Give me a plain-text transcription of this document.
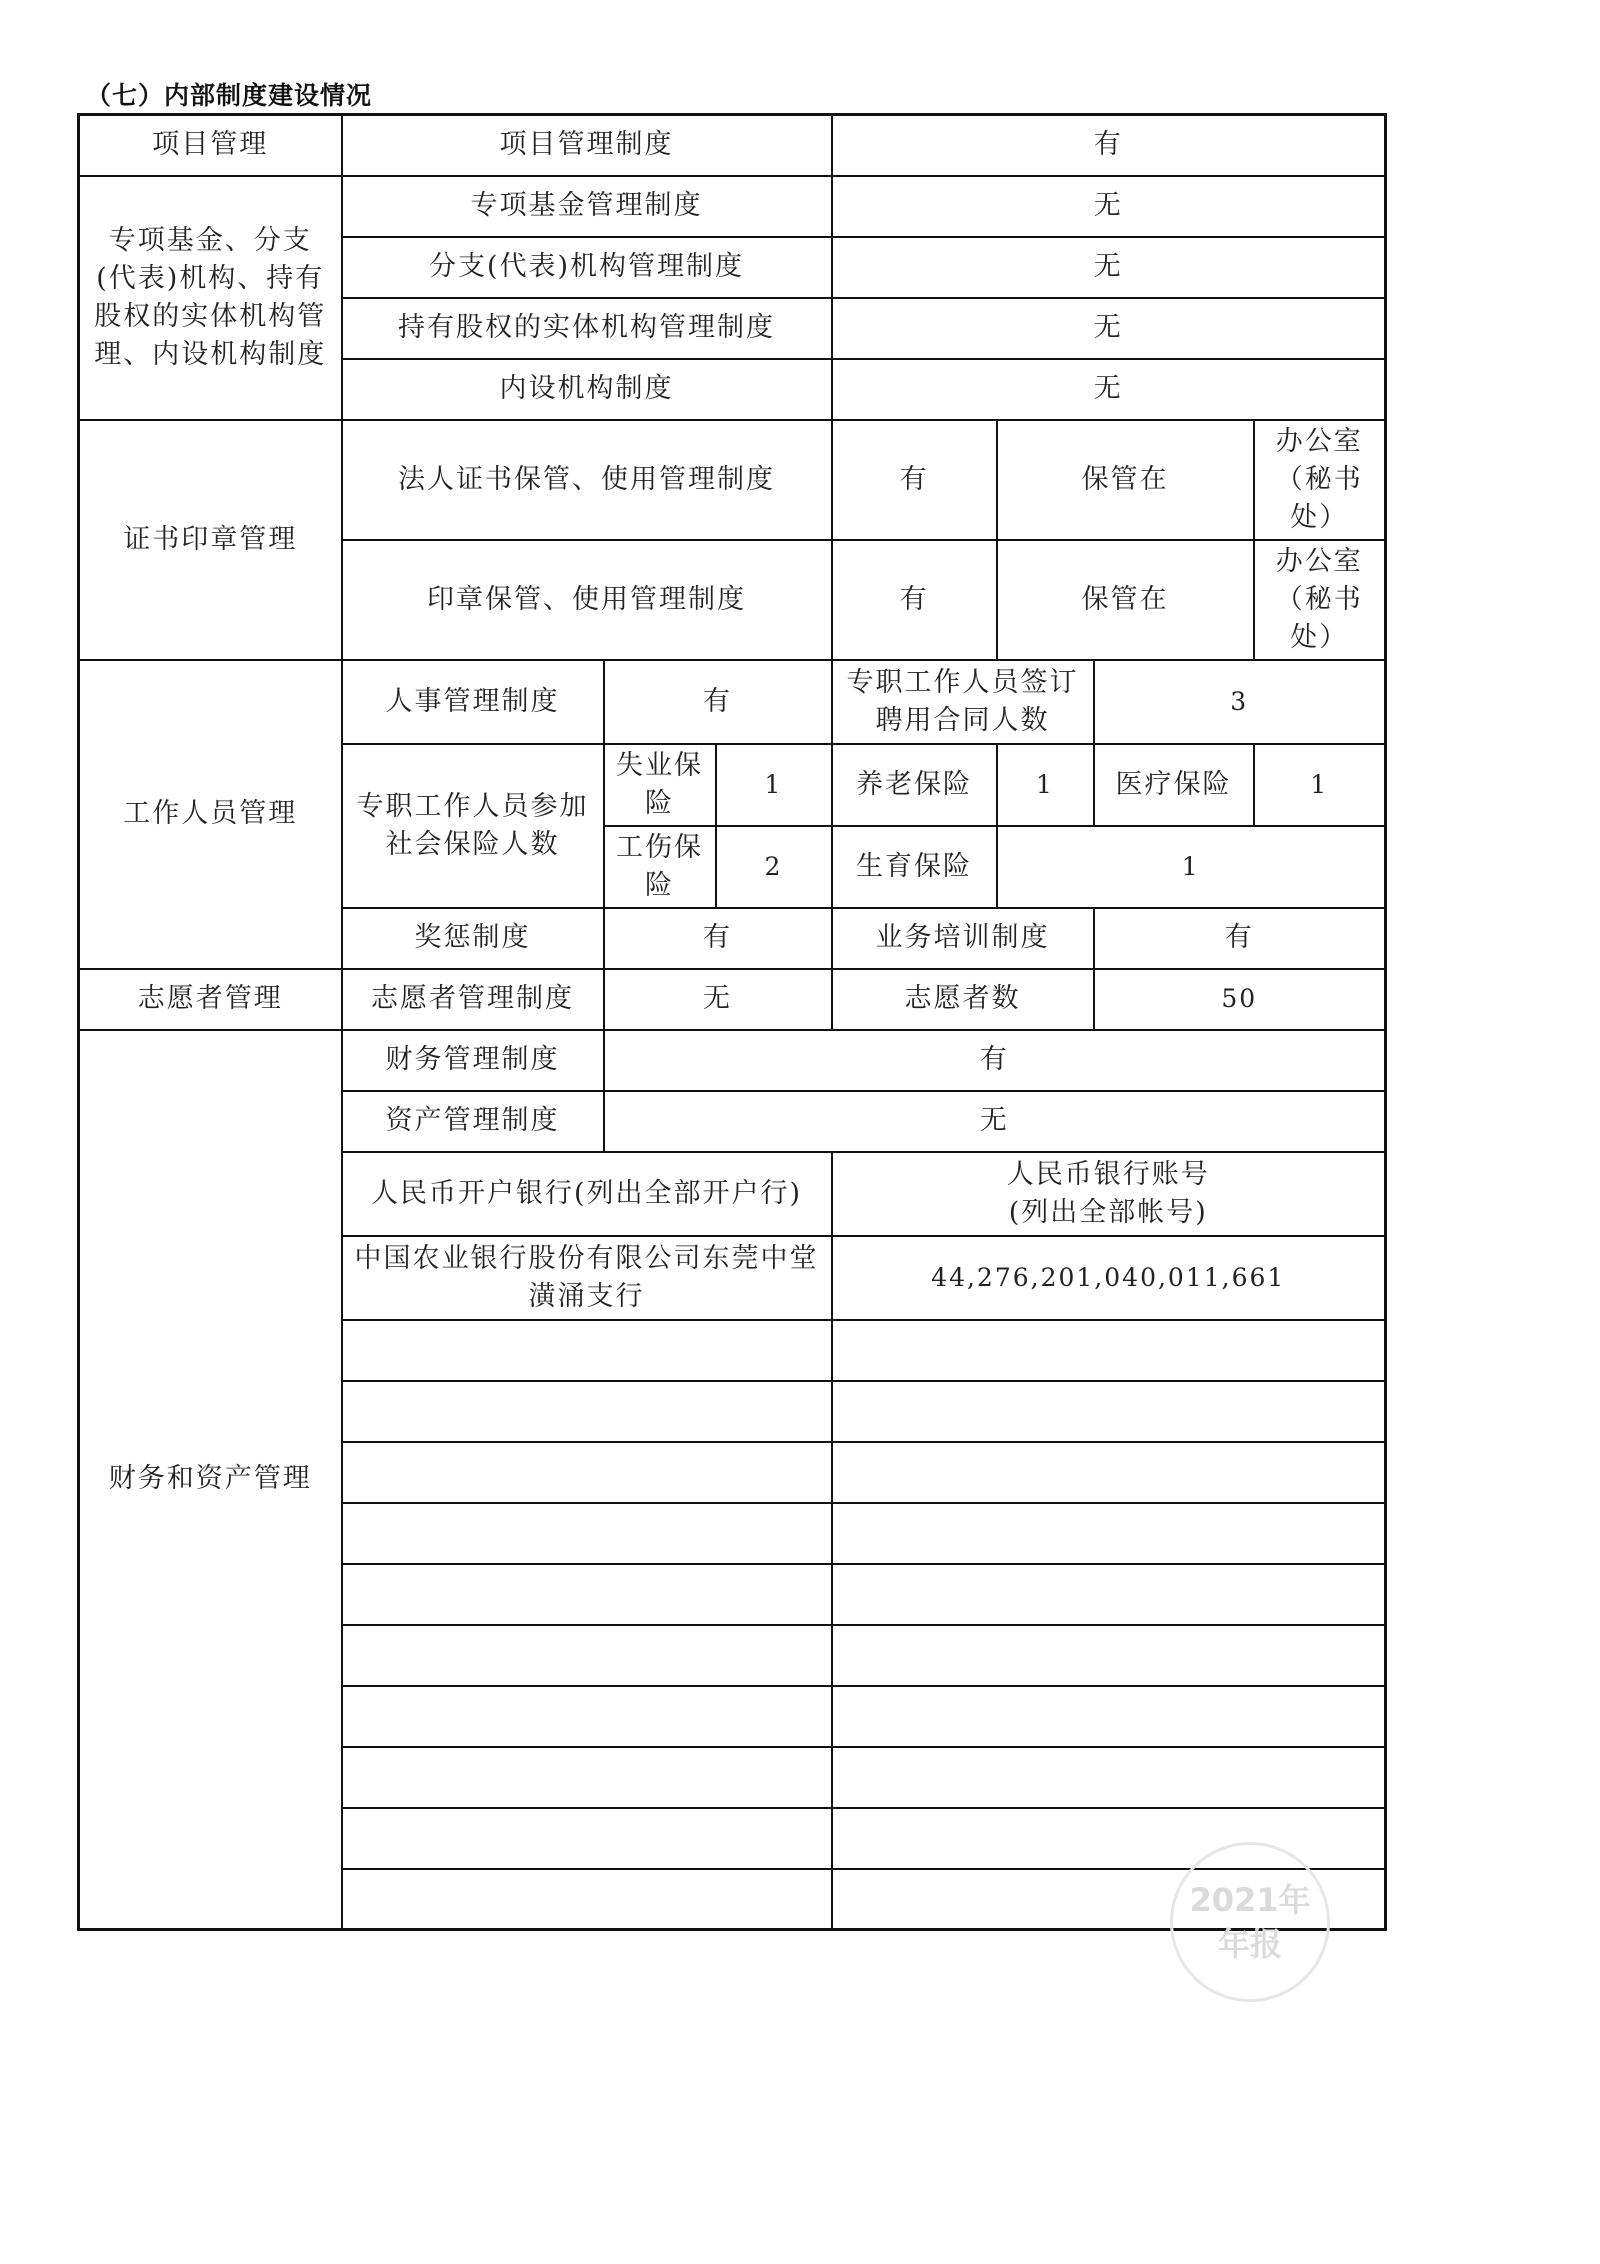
（七）内部制度建设情况
项目管理	项目管理制度			有			
专项基金、分支(代表)机构、持有股权的实体机构管理、内设机构制度	专项基金管理制度			无			
	分支(代表)机构管理制度			无			
	持有股权的实体机构管理制度			无			
	内设机构制度			无			
证书印章管理	法人证书保管、使用管理制度			有	保管在		办公室（秘书处）
	印章保管、使用管理制度			有	保管在		办公室（秘书处）
工作人员管理	人事管理制度	有		专职工作人员签订聘用合同人数		3	
	专职工作人员参加社会保险人数	失业保险	1	养老保险	1	医疗保险	1
		工伤保险	2	生育保险	1		
	奖惩制度	有		业务培训制度		有	
志愿者管理	志愿者管理制度	无		志愿者数		50	
财务和资产管理	财务管理制度	有					
	资产管理制度	无					
	人民币开户银行(列出全部开户行)			人民币银行账号
(列出全部帐号)			

	中国农业银行股份有限公司东莞中堂潢涌支行			44,276,201,040,011,661			

2021年
年报
